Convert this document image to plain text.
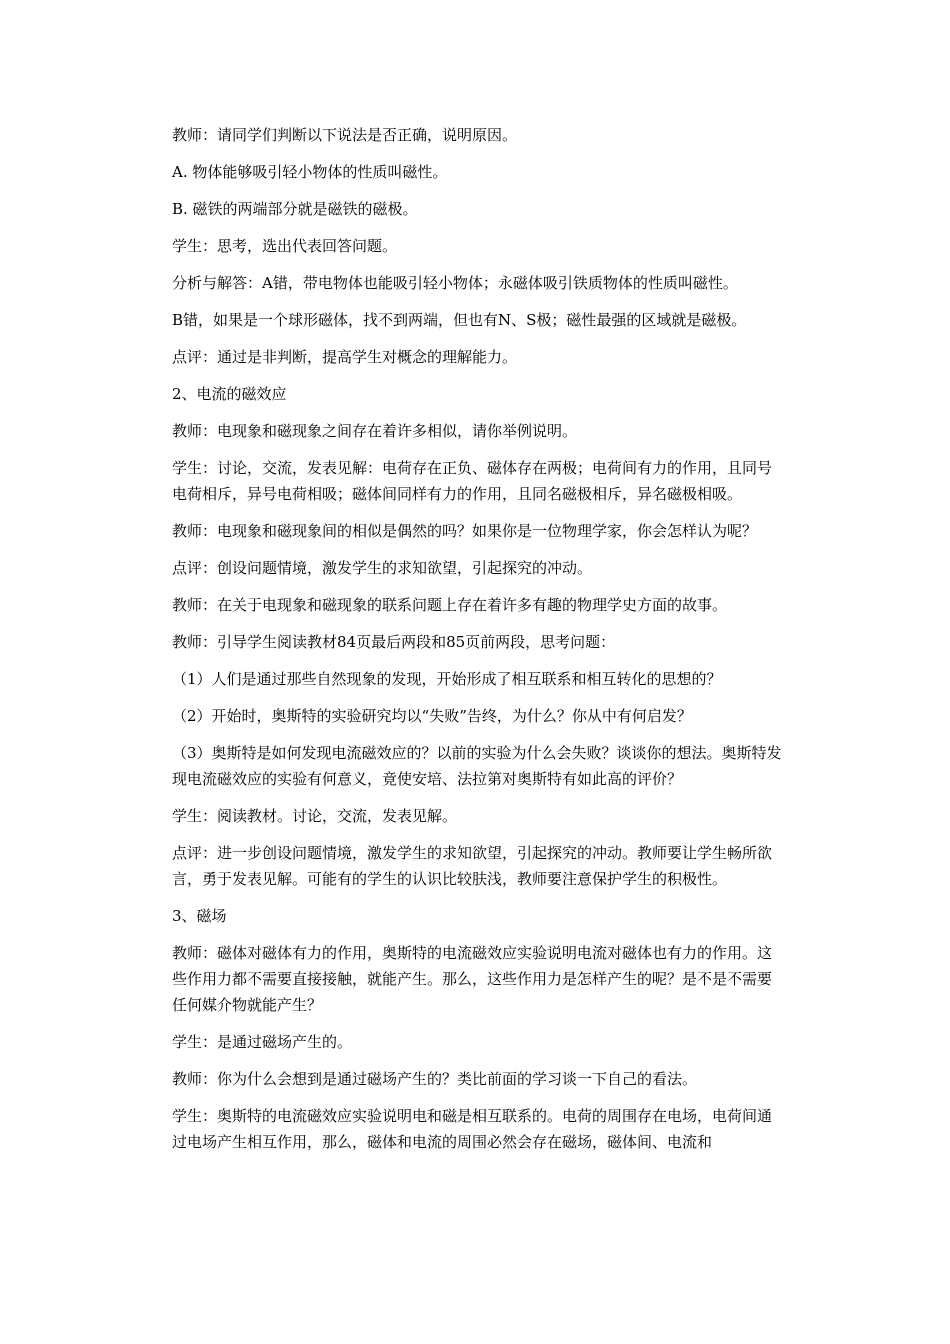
教师：请同学们判断以下说法是否正确，说明原因。

A. 物体能够吸引轻小物体的性质叫磁性。

B. 磁铁的两端部分就是磁铁的磁极。

学生：思考，选出代表回答问题。

分析与解答：A错，带电物体也能吸引轻小物体；永磁体吸引铁质物体的性质叫磁性。

B错，如果是一个球形磁体，找不到两端，但也有N、S极；磁性最强的区域就是磁极。

点评：通过是非判断，提高学生对概念的理解能力。

2、电流的磁效应

教师：电现象和磁现象之间存在着许多相似，请你举例说明。

学生：讨论，交流，发表见解：电荷存在正负、磁体存在两极；电荷间有力的作用，且同号电荷相斥，异号电荷相吸；磁体间同样有力的作用，且同名磁极相斥，异名磁极相吸。

教师：电现象和磁现象间的相似是偶然的吗？如果你是一位物理学家，你会怎样认为呢？

点评：创设问题情境，激发学生的求知欲望，引起探究的冲动。

教师：在关于电现象和磁现象的联系问题上存在着许多有趣的物理学史方面的故事。

教师：引导学生阅读教材84页最后两段和85页前两段，思考问题：

（1）人们是通过那些自然现象的发现，开始形成了相互联系和相互转化的思想的？

（2）开始时，奥斯特的实验研究均以“失败”告终，为什么？你从中有何启发？

（3）奥斯特是如何发现电流磁效应的？以前的实验为什么会失败？谈谈你的想法。奥斯特发现电流磁效应的实验有何意义，竟使安培、法拉第对奥斯特有如此高的评价？

学生：阅读教材。讨论，交流，发表见解。

点评：进一步创设问题情境，激发学生的求知欲望，引起探究的冲动。教师要让学生畅所欲言，勇于发表见解。可能有的学生的认识比较肤浅，教师要注意保护学生的积极性。

3、磁场

教师：磁体对磁体有力的作用，奥斯特的电流磁效应实验说明电流对磁体也有力的作用。这些作用力都不需要直接接触，就能产生。那么，这些作用力是怎样产生的呢？是不是不需要任何媒介物就能产生？

学生：是通过磁场产生的。

教师：你为什么会想到是通过磁场产生的？类比前面的学习谈一下自己的看法。

学生：奥斯特的电流磁效应实验说明电和磁是相互联系的。电荷的周围存在电场，电荷间通过电场产生相互作用，那么，磁体和电流的周围必然会存在磁场，磁体间、电流和
